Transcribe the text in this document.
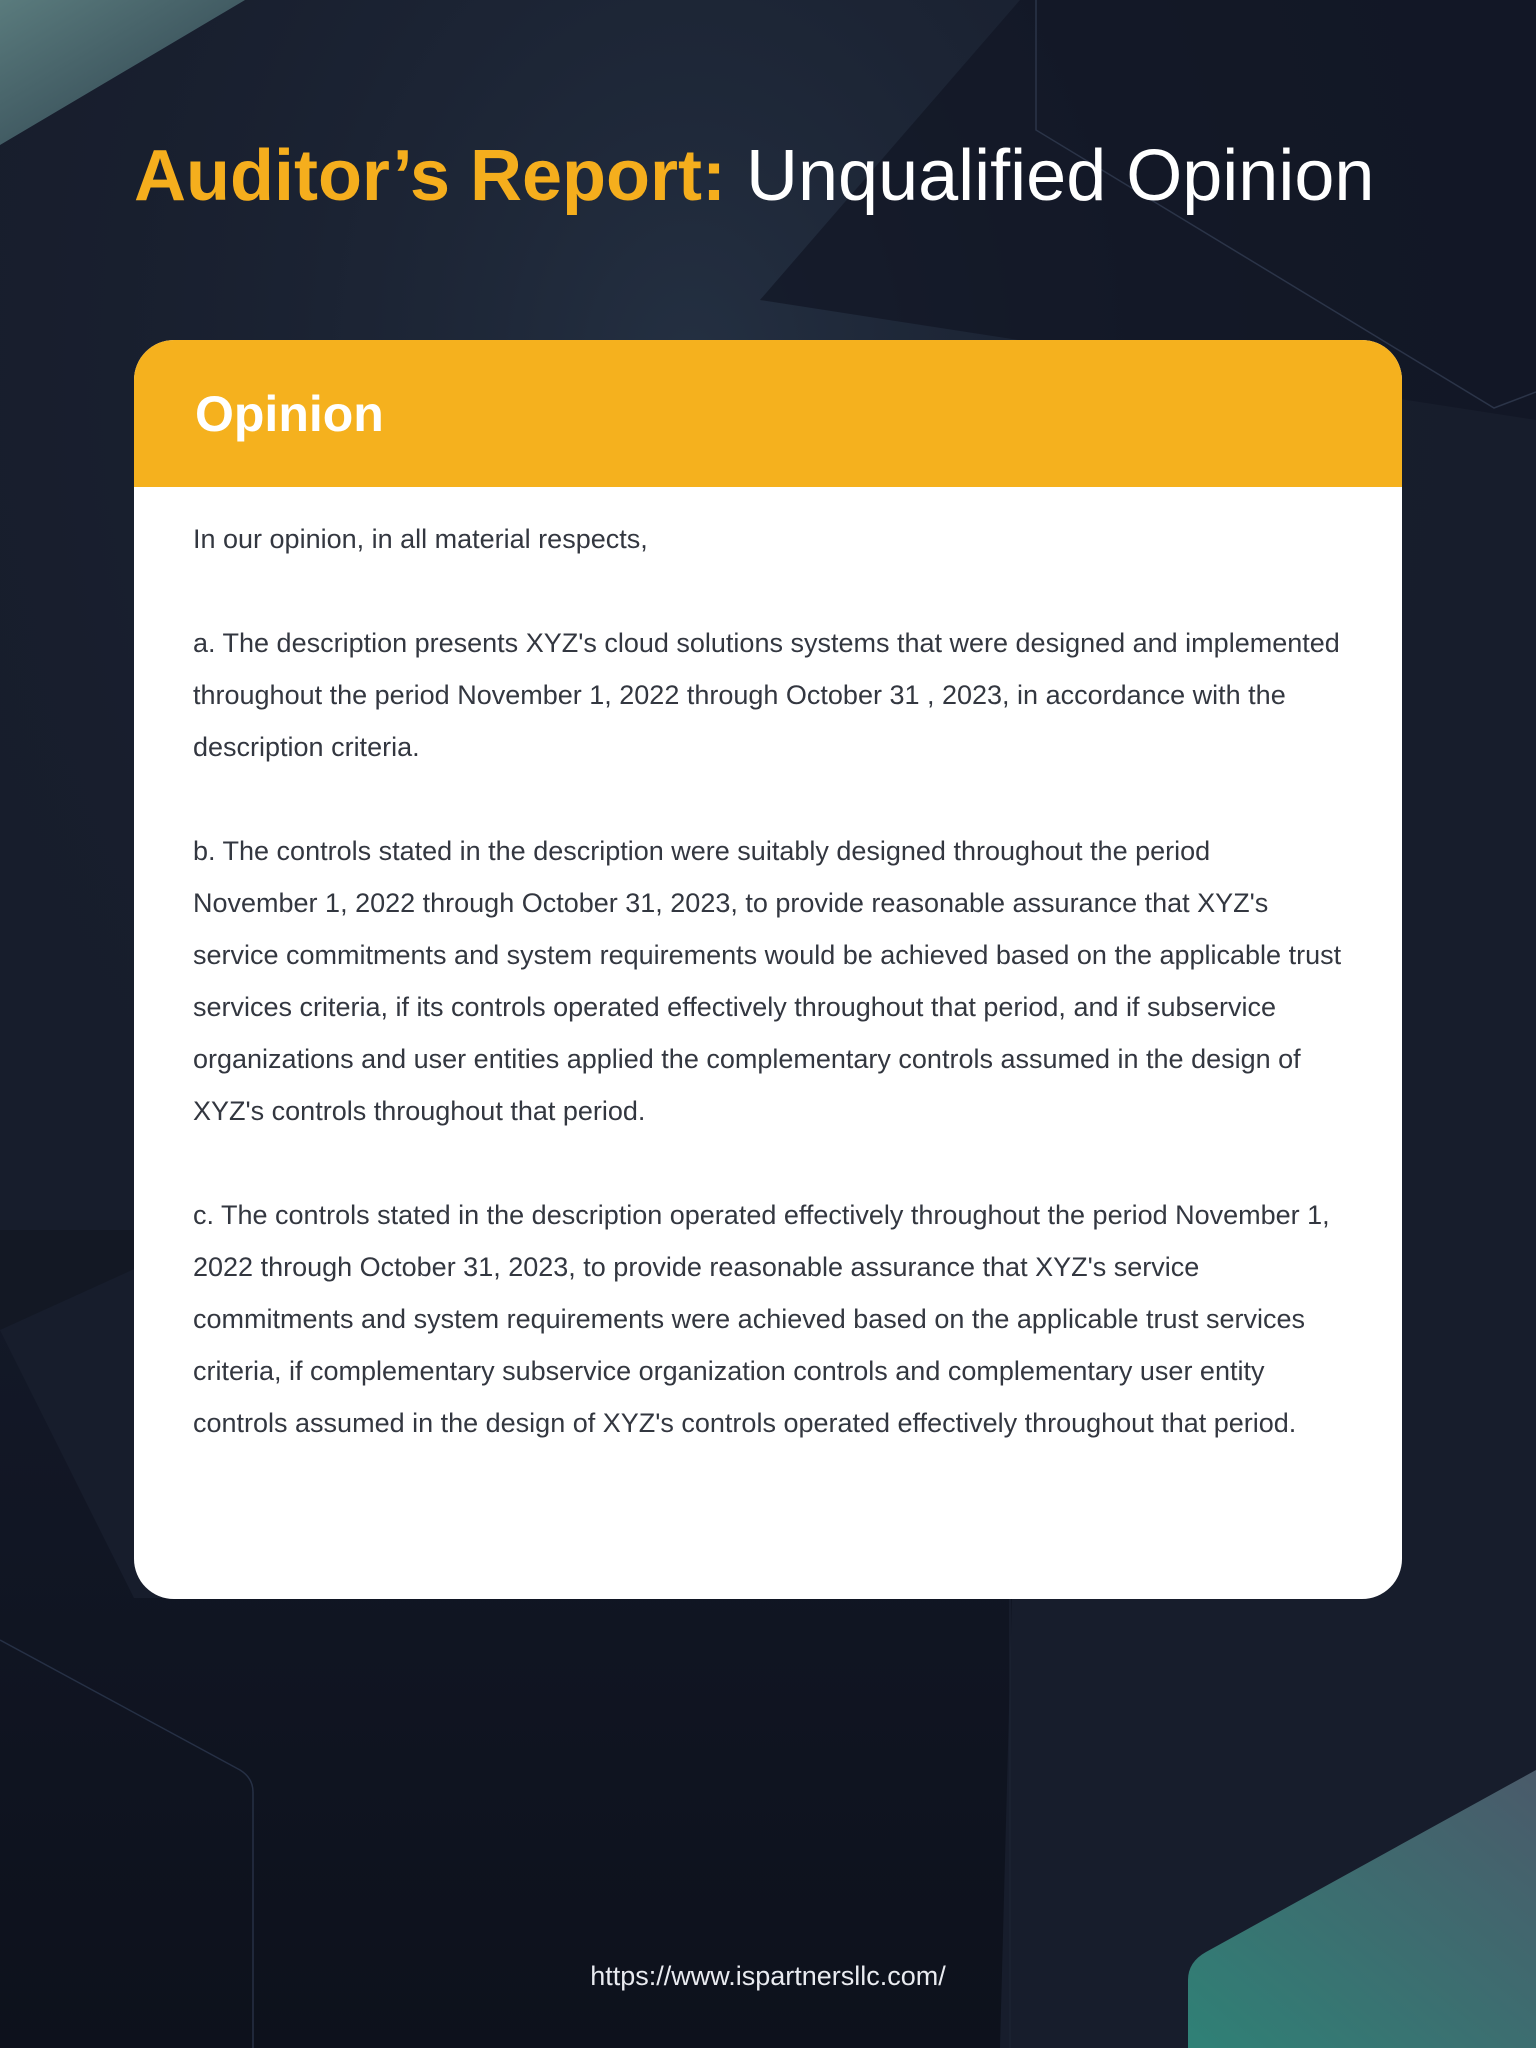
Auditor’s Report: Unqualified Opinion
Opinion

In our opinion, in all material respects,

a. The description presents XYZ's cloud solutions systems that were designed and implemented throughout the period November 1, 2022 through October 31 , 2023, in accordance with the description criteria.

b. The controls stated in the description were suitably designed throughout the period November 1, 2022 through October 31, 2023, to provide reasonable assurance that XYZ's service commitments and system requirements would be achieved based on the applicable trust services criteria, if its controls operated effectively throughout that period, and if subservice organizations and user entities applied the complementary controls assumed in the design of XYZ's controls throughout that period.

c. The controls stated in the description operated effectively throughout the period November 1, 2022 through October 31, 2023, to provide reasonable assurance that XYZ's service commitments and system requirements were achieved based on the applicable trust services criteria, if complementary subservice organization controls and complementary user entity controls assumed in the design of XYZ's controls operated effectively throughout that period.

https://www.ispartnersllc.com/
